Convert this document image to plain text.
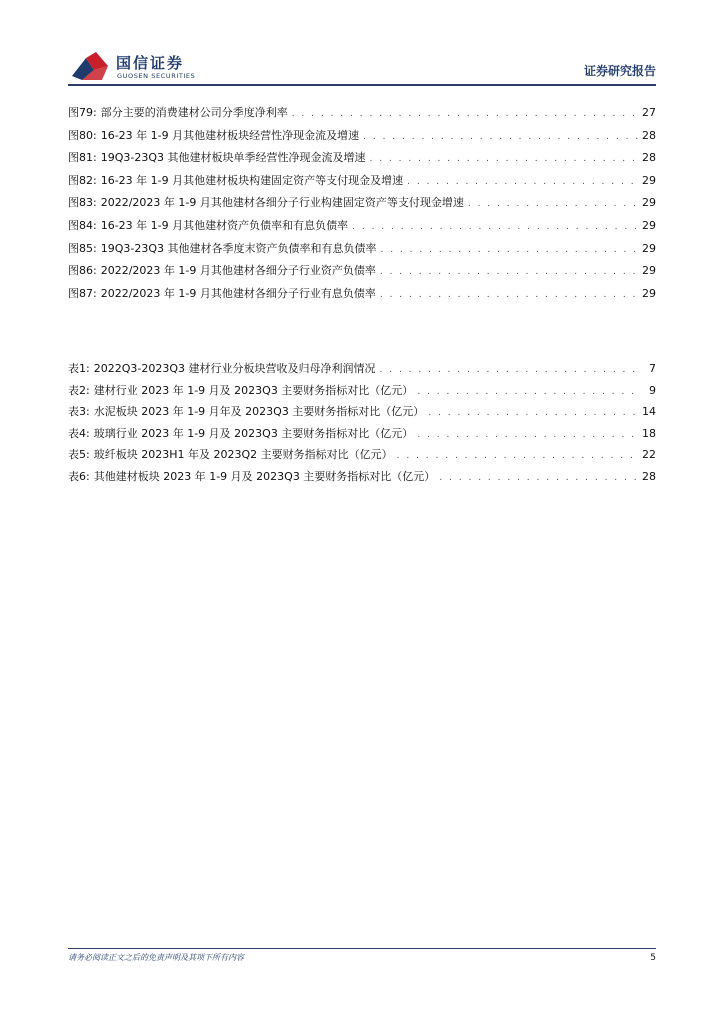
国信证券
GUOSEN SECURITIES	证券研究报告
图79: 部分主要的消费建材公司分季度净利率 . . .	27
图80: 16-23 年 1-9 月其他建材板块经营性净现金流及增速 . . .	28
图81: 19Q3-23Q3 其他建材板块单季经营性净现金流及增速 . . .	28
图82: 16-23 年 1-9 月其他建材板块构建固定资产等支付现金及增速 . . .	29
图83: 2022/2023 年 1-9 月其他建材各细分子行业构建固定资产等支付现金增速 . . .	29
图84: 16-23 年 1-9 月其他建材资产负债率和有息负债率 . . .	29
图85: 19Q3-23Q3 其他建材各季度末资产负债率和有息负债率 . . .	29
图86: 2022/2023 年 1-9 月其他建材各细分子行业资产负债率 . . .	29
图87: 2022/2023 年 1-9 月其他建材各细分子行业有息负债率 . . .	29
表1: 2022Q3-2023Q3 建材行业分板块营收及归母净利润情况 . . .	7
表2: 建材行业 2023 年 1-9 月及 2023Q3 主要财务指标对比（亿元） . . .	9
表3: 水泥板块 2023 年 1-9 月年及 2023Q3 主要财务指标对比（亿元） . . .	14
表4: 玻璃行业 2023 年 1-9 月及 2023Q3 主要财务指标对比（亿元） . . .	18
表5: 玻纤板块 2023H1 年及 2023Q2 主要财务指标对比（亿元） . . .	22
表6: 其他建材板块 2023 年 1-9 月及 2023Q3 主要财务指标对比（亿元） . . .	28
请务必阅读正文之后的免责声明及其项下所有内容	5
